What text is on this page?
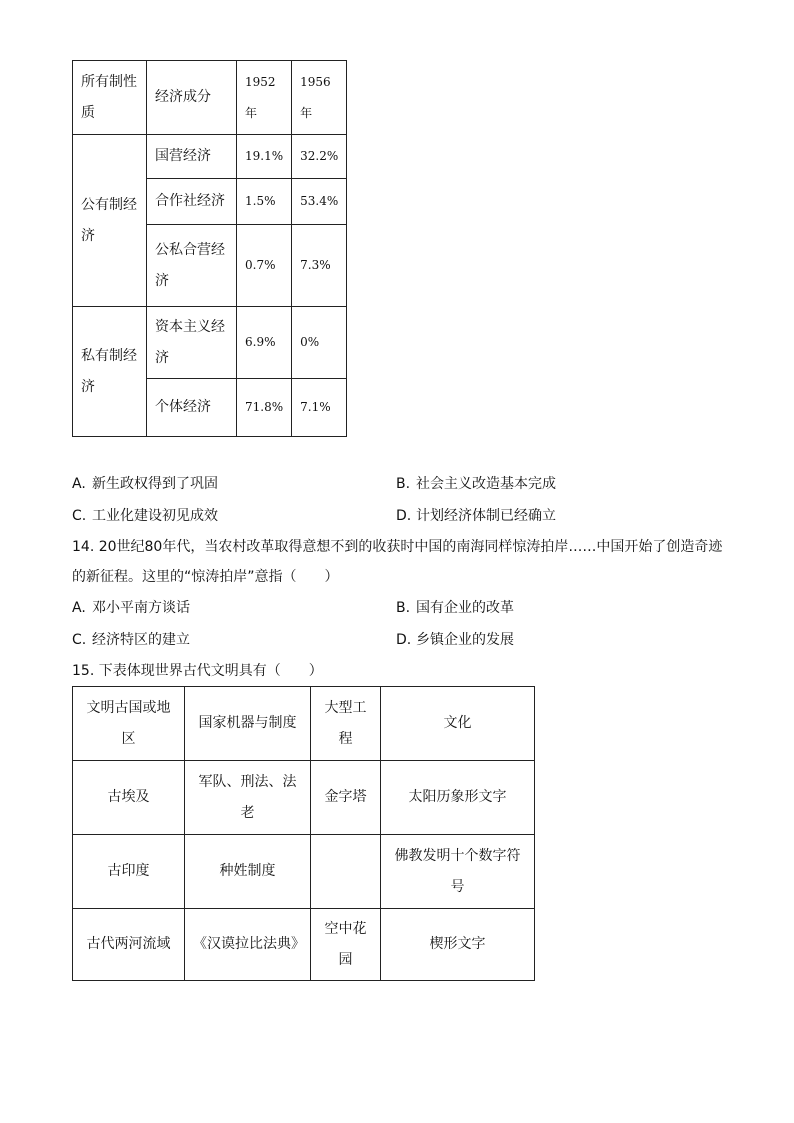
所有制性质	经济成分	1952年	1956年
公有制经济	国营经济	19.1%	32.2%
	合作社经济	1.5%	53.4%
	公私合营经济	0.7%	7.3%
私有制经济	资本主义经济	6.9%	0%
	个体经济	71.8%	7.1%
A. 新生政权得到了巩固	B. 社会主义改造基本完成
C. 工业化建设初见成效	D. 计划经济体制已经确立
14. 20世纪80年代，当农村改革取得意想不到的收获时中国的南海同样惊涛拍岸……中国开始了创造奇迹
的新征程。这里的“惊涛拍岸”意指（　　）
A. 邓小平南方谈话	B. 国有企业的改革
C. 经济特区的建立	D. 乡镇企业的发展
15. 下表体现世界古代文明具有（　　）
文明古国或地区	国家机器与制度	大型工程	文化
古埃及	军队、刑法、法老	金字塔	太阳历象形文字
古印度	种姓制度		佛教发明十个数字符号
古代两河流域	《汉谟拉比法典》	空中花园	楔形文字
